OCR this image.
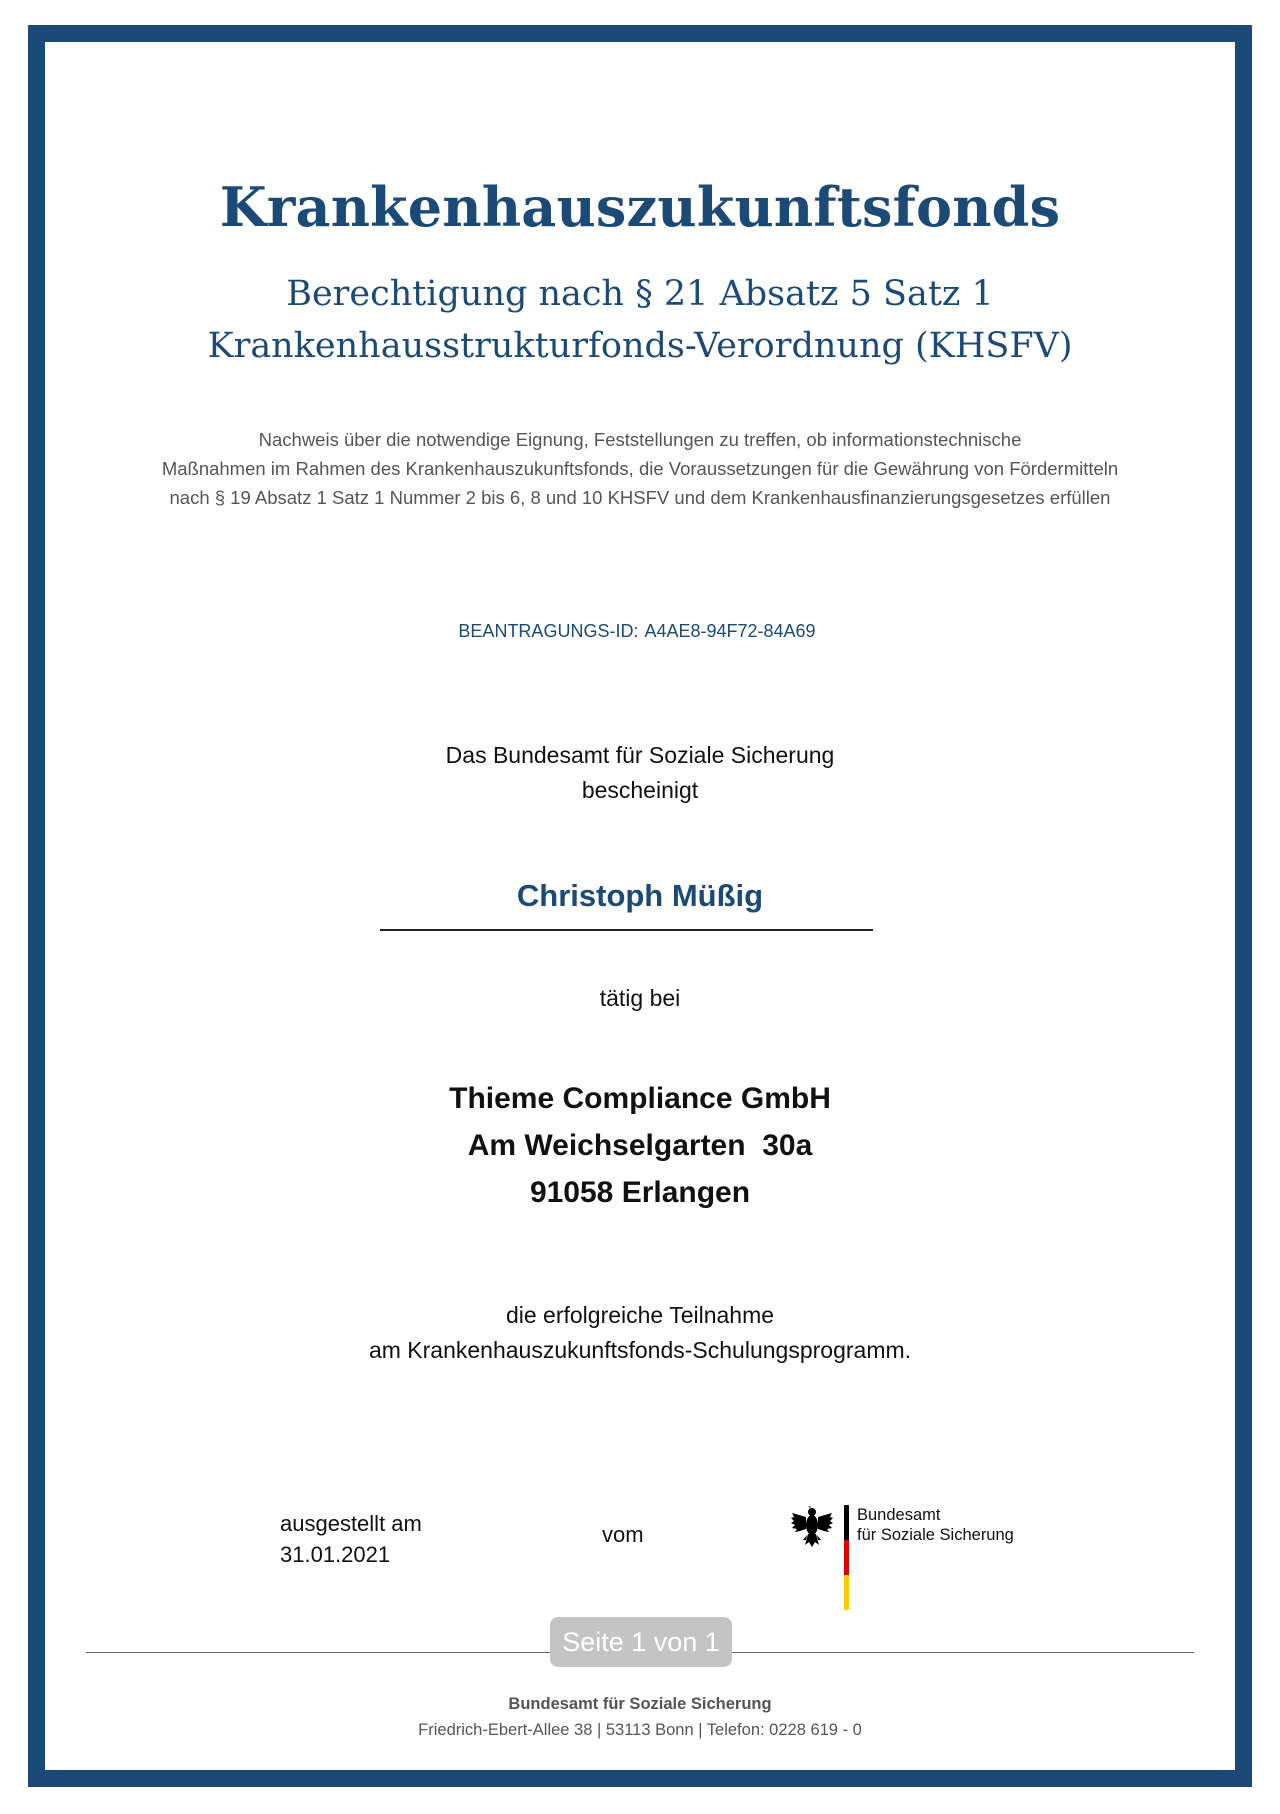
Krankenhauszukunftsfonds
Berechtigung nach § 21 Absatz 5 Satz 1
Krankenhausstrukturfonds-Verordnung (KHSFV)
Nachweis über die notwendige Eignung, Feststellungen zu treffen, ob informationstechnische
Maßnahmen im Rahmen des Krankenhauszukunftsfonds, die Voraussetzungen für die Gewährung von Fördermitteln
nach § 19 Absatz 1 Satz 1 Nummer 2 bis 6, 8 und 10 KHSFV und dem Krankenhausfinanzierungsgesetzes erfüllen
BEANTRAGUNGS-ID: A4AE8-94F72-84A69
Das Bundesamt für Soziale Sicherung
bescheinigt
Christoph Müßig
tätig bei
Thieme Compliance GmbH
Am Weichselgarten  30a
91058 Erlangen
die erfolgreiche Teilnahme
am Krankenhauszukunftsfonds-Schulungsprogramm.
ausgestellt am
31.01.2021
vom
Bundesamt
für Soziale Sicherung
Seite 1 von 1
Bundesamt für Soziale Sicherung
Friedrich-Ebert-Allee 38 | 53113 Bonn | Telefon: 0228 619 - 0
